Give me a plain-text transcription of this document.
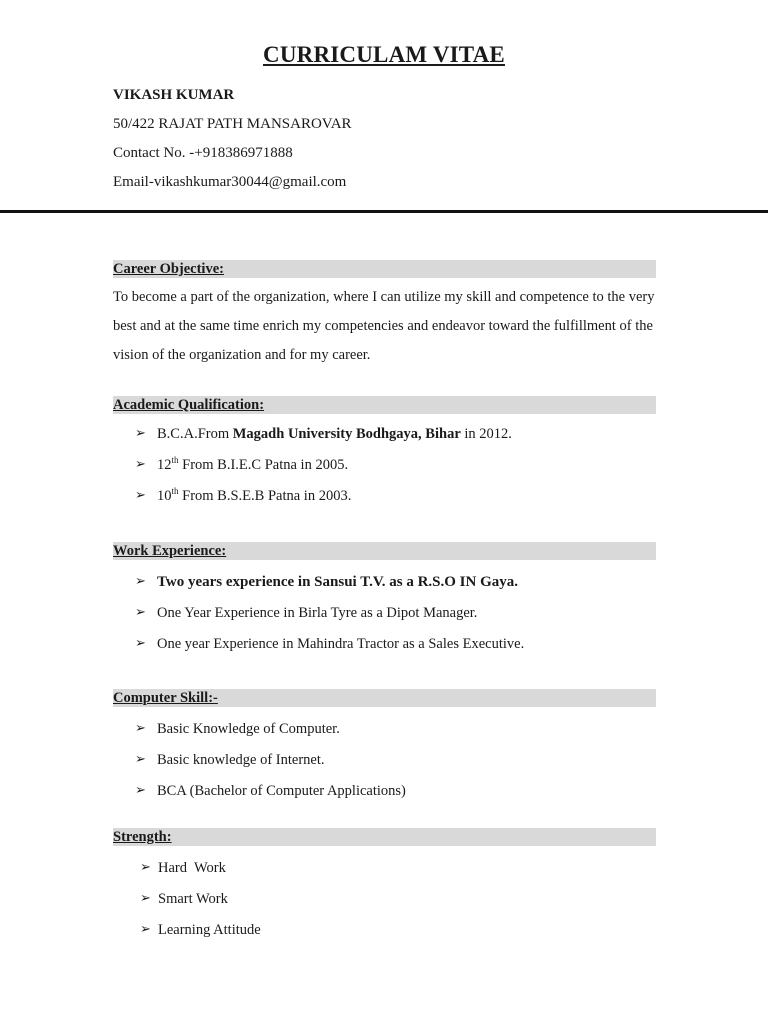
CURRICULAM VITAE
VIKASH KUMAR
50/422 RAJAT PATH MANSAROVAR
Contact No. -+918386971888
Email-vikashkumar30044@gmail.com
Career Objective:
To become a part of the organization, where I can utilize my skill and competence to the very best and at the same time enrich my competencies and endeavor toward the fulfillment of the vision of the organization and for my career.
Academic Qualification:
➢ B.C.A.From Magadh University Bodhgaya, Bihar in 2012.
➢ 12th From B.I.E.C Patna in 2005.
➢ 10th From B.S.E.B Patna in 2003.
Work Experience:
➢ Two years experience in Sansui T.V. as a R.S.O IN Gaya.
➢ One Year Experience in Birla Tyre as a Dipot Manager.
➢ One year Experience in Mahindra Tractor as a Sales Executive.
Computer Skill:-
➢ Basic Knowledge of Computer.
➢ Basic knowledge of Internet.
➢ BCA (Bachelor of Computer Applications)
Strength:
➢ Hard  Work
➢ Smart Work
➢ Learning Attitude
